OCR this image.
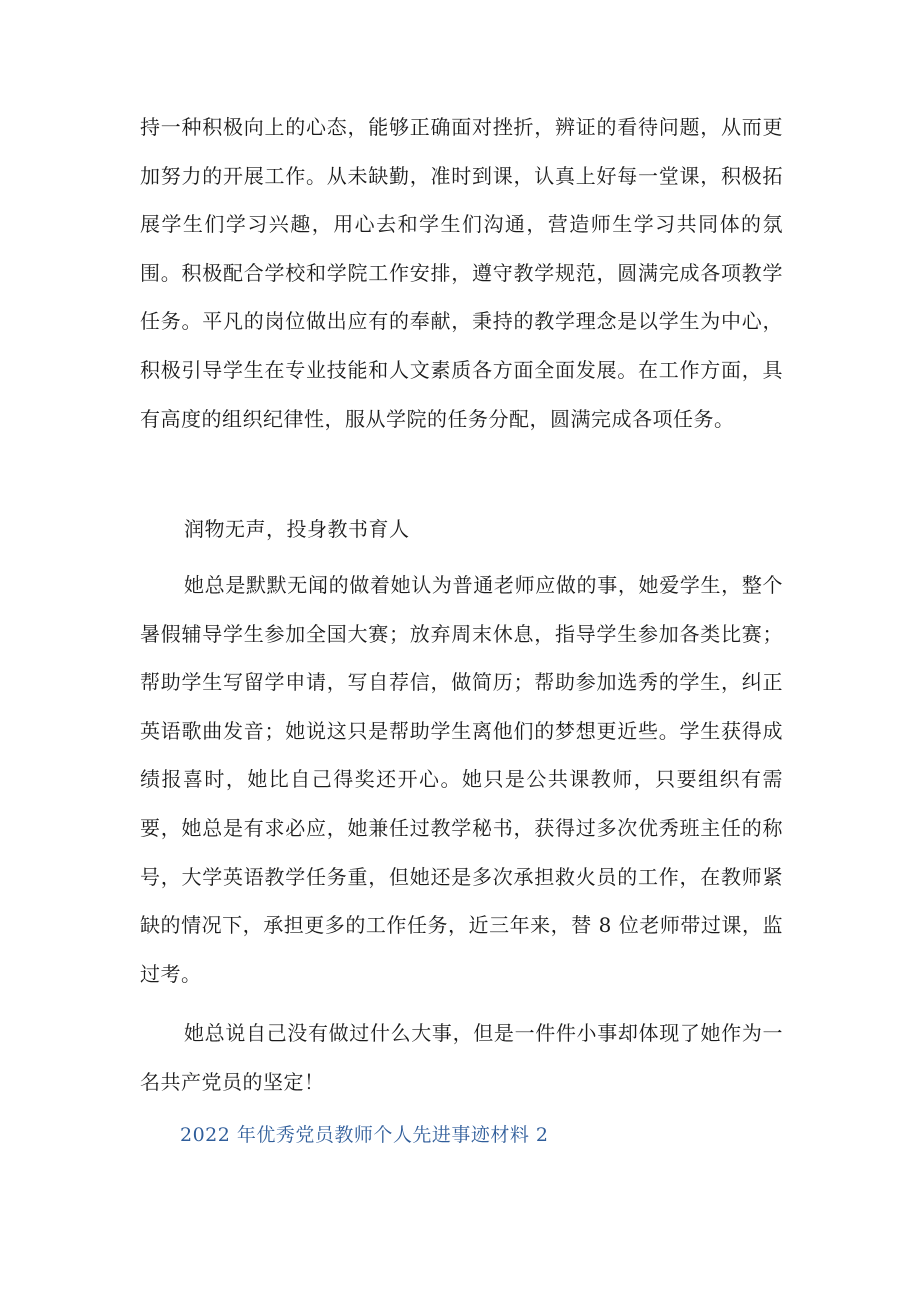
持一种积极向上的心态，能够正确面对挫折，辨证的看待问题，从而更加努力的开展工作。从未缺勤，准时到课，认真上好每一堂课，积极拓展学生们学习兴趣，用心去和学生们沟通，营造师生学习共同体的氛围。积极配合学校和学院工作安排，遵守教学规范，圆满完成各项教学任务。平凡的岗位做出应有的奉献，秉持的教学理念是以学生为中心，积极引导学生在专业技能和人文素质各方面全面发展。在工作方面，具有高度的组织纪律性，服从学院的任务分配，圆满完成各项任务。

润物无声，投身教书育人

她总是默默无闻的做着她认为普通老师应做的事，她爱学生，整个暑假辅导学生参加全国大赛；放弃周末休息，指导学生参加各类比赛；帮助学生写留学申请，写自荐信，做简历；帮助参加选秀的学生，纠正英语歌曲发音；她说这只是帮助学生离他们的梦想更近些。学生获得成绩报喜时，她比自己得奖还开心。她只是公共课教师，只要组织有需要，她总是有求必应，她兼任过教学秘书，获得过多次优秀班主任的称号，大学英语教学任务重，但她还是多次承担救火员的工作，在教师紧缺的情况下，承担更多的工作任务，近三年来，替 8 位老师带过课，监过考。

她总说自己没有做过什么大事，但是一件件小事却体现了她作为一名共产党员的坚定！

2022 年优秀党员教师个人先进事迹材料 2
